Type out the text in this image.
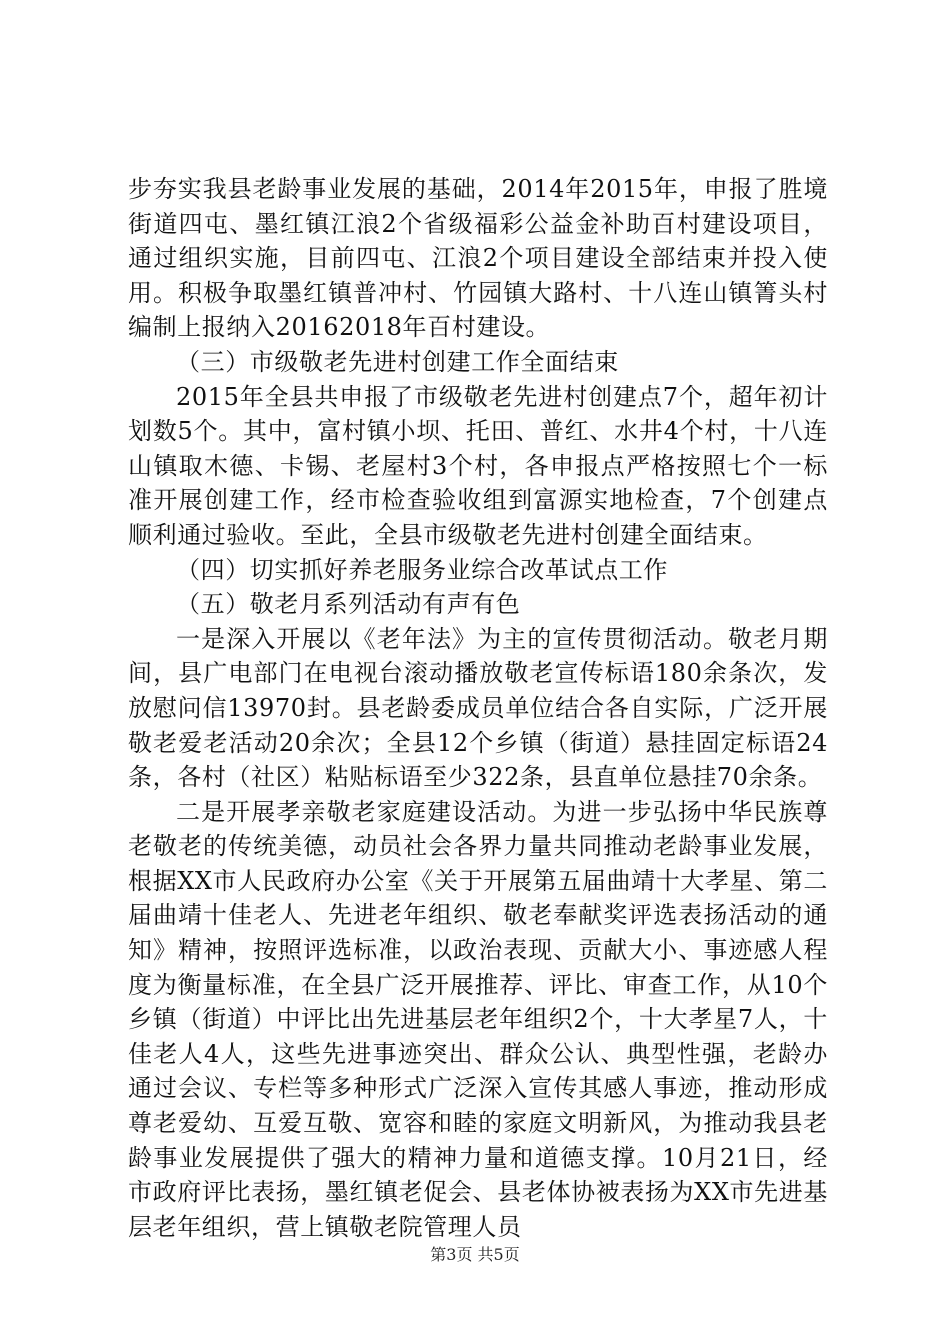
步夯实我县老龄事业发展的基础，2014年2015年，申报了胜境街道四屯、墨红镇江浪2个省级福彩公益金补助百村建设项目，通过组织实施，目前四屯、江浪2个项目建设全部结束并投入使用。积极争取墨红镇普冲村、竹园镇大路村、十八连山镇箐头村编制上报纳入20162018年百村建设。

（三）市级敬老先进村创建工作全面结束

2015年全县共申报了市级敬老先进村创建点7个，超年初计划数5个。其中，富村镇小坝、托田、普红、水井4个村，十八连山镇取木德、卡锡、老屋村3个村，各申报点严格按照七个一标准开展创建工作，经市检查验收组到富源实地检查，7个创建点顺利通过验收。至此，全县市级敬老先进村创建全面结束。

（四）切实抓好养老服务业综合改革试点工作

（五）敬老月系列活动有声有色

一是深入开展以《老年法》为主的宣传贯彻活动。敬老月期间，县广电部门在电视台滚动播放敬老宣传标语180余条次，发放慰问信13970封。县老龄委成员单位结合各自实际，广泛开展敬老爱老活动20余次；全县12个乡镇（街道）悬挂固定标语24条，各村（社区）粘贴标语至少322条，县直单位悬挂70余条。

二是开展孝亲敬老家庭建设活动。为进一步弘扬中华民族尊老敬老的传统美德，动员社会各界力量共同推动老龄事业发展，根据XX市人民政府办公室《关于开展第五届曲靖十大孝星、第二届曲靖十佳老人、先进老年组织、敬老奉献奖评选表扬活动的通知》精神，按照评选标准，以政治表现、贡献大小、事迹感人程度为衡量标准，在全县广泛开展推荐、评比、审查工作，从10个乡镇（街道）中评比出先进基层老年组织2个，十大孝星7人，十佳老人4人，这些先进事迹突出、群众公认、典型性强，老龄办通过会议、专栏等多种形式广泛深入宣传其感人事迹，推动形成尊老爱幼、互爱互敬、宽容和睦的家庭文明新风，为推动我县老龄事业发展提供了强大的精神力量和道德支撑。10月21日，经市政府评比表扬，墨红镇老促会、县老体协被表扬为XX市先进基层老年组织，营上镇敬老院管理人员

第3页 共5页
